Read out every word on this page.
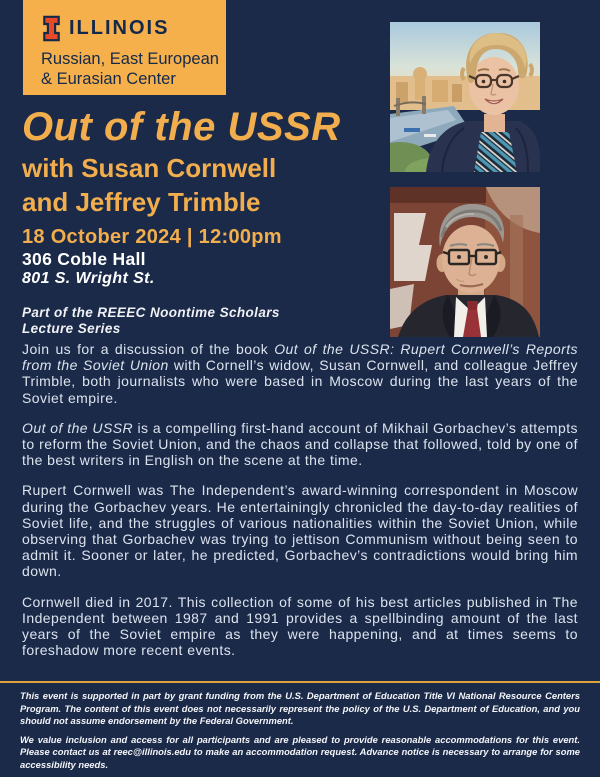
ILLINOIS
Russian, East European
& Eurasian Center
Out of the USSR
with Susan Cornwell
and Jeffrey Trimble

18 October 2024 | 12:00pm

306 Coble Hall

801 S. Wright St.

Part of the REEEC Noontime Scholars
Lecture Series

Join us for a discussion of the book Out of the USSR: Rupert Cornwell’s Reports from the Soviet Union with Cornell’s widow, Susan Cornwell, and colleague Jeffrey Trimble, both journalists who were based in Moscow during the last years of the Soviet empire.

Out of the USSR is a compelling first-hand account of Mikhail Gorbachev’s attempts to reform the Soviet Union, and the chaos and collapse that followed, told by one of the best writers in English on the scene at the time.

Rupert Cornwell was The Independent’s award-winning correspondent in Moscow during the Gorbachev years. He entertainingly chronicled the day-to-day realities of Soviet life, and the struggles of various nationalities within the Soviet Union, while observing that Gorbachev was trying to jettison Communism without being seen to admit it. Sooner or later, he predicted, Gorbachev’s contradictions would bring him down.

Cornwell died in 2017. This collection of some of his best articles published in The Independent between 1987 and 1991 provides a spellbinding amount of the last years of the Soviet empire as they were happening, and at times seems to foreshadow more recent events.

This event is supported in part by grant funding from the U.S. Department of Education Title VI National Resource Centers Program. The content of this event does not necessarily represent the policy of the U.S. Department of Education, and you should not assume endorsement by the Federal Government.

We value inclusion and access for all participants and are pleased to provide reasonable accommodations for this event. Please contact us at reec@illinois.edu to make an accommodation request. Advance notice is necessary to arrange for some accessibility needs.
